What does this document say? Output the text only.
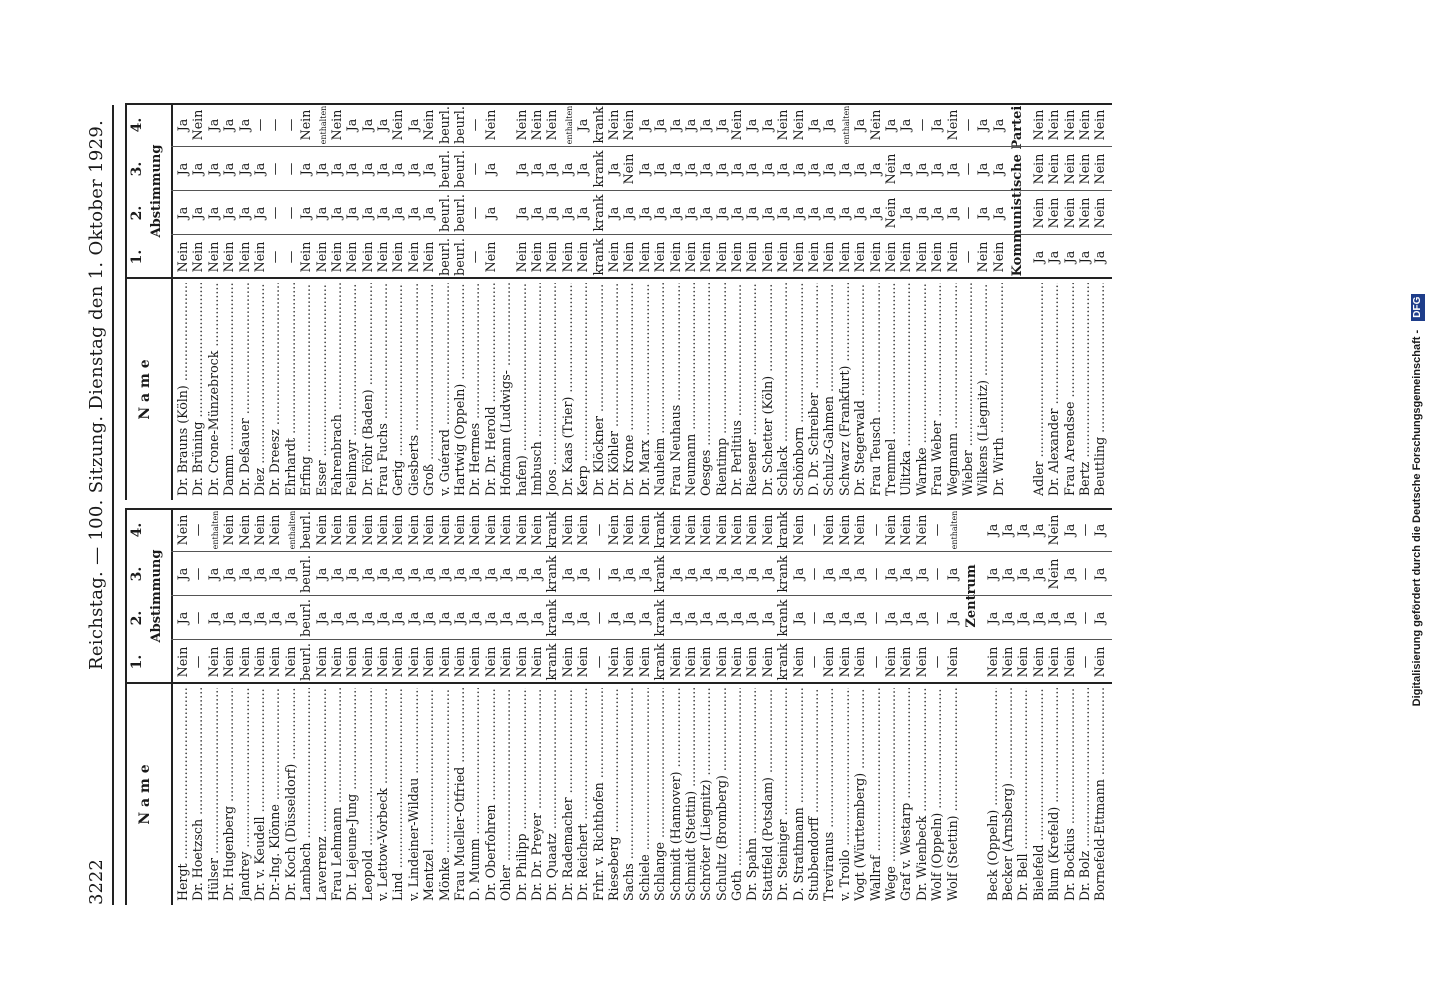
3222
Reichstag. — 100. Sitzung. Dienstag den 1. Oktober 1929.
N a m e
1.
2.
3.
4.
Abstimmung
Hergt ..... Dr. Hoetzsch ..... Hülser ..... Dr. Hugenberg ..... Jandrey ..... Dr. v. Keudell ..... Dr.-Ing. Klönne ..... Dr. Koch (Düsseldorf) ..... Lambach ..... Laverrenz ..... Frau Lehmann ..... Dr. Lejeune-Jung ..... Leopold ..... v. Lettow-Vorbeck ..... Lind ..... v. Lindeiner-Wildau ..... Mentzel ..... Mönke ..... Frau Mueller-Otfried ..... D. Mumm ..... Dr. Oberfohren ..... Ohler ..... Dr. Philipp ..... Dr. Dr. Preyer ..... Dr. Quaatz ..... Dr. Rademacher ..... Dr. Reichert ..... Frhr. v. Richthofen ..... Rieseberg ..... Sachs ..... Schiele ..... Schlange ..... Schmidt (Hannover) ..... Schmidt (Stettin) ..... Schröter (Liegnitz) ..... Schultz (Bromberg) ..... Goth ..... Dr. Spahn ..... Stattfeld (Potsdam) ..... Dr. Steiniger ..... D. Strathmann ..... Stubbendorff ..... Treviranus ..... v. Troilo ..... Vogt (Württemberg) ..... Wallraf ..... Wege ..... Graf v. Westarp ..... Dr. Wienbeck ..... Wolf (Oppeln) ..... Wolf (Stettin) ..... Beck (Oppeln) ..... Becker (Arnsberg) ..... Dr. Bell ..... Bielefeld ..... Blum (Krefeld) ..... Dr. Bockius ..... Dr. Bolz ..... Bornefeld-Ettmann .....
NeinJaJaNein
————
NeinJaJaenthalten
NeinJaJaNein
NeinJaJaNein
NeinJaJaNein
NeinJaJaNein
NeinJaJaenthalten
beurl.beurl.beurl.beurl.
NeinJaJaNein
NeinJaJaNein
NeinJaJaNein
NeinJaJaNein
NeinJaJaNein
NeinJaJaNein
NeinJaJaNein
NeinJaJaNein
NeinJaJaNein
NeinJaJaNein
NeinJaJaNein
NeinJaJaNein
NeinJaJaNein
NeinJaJaNein
NeinJaJaNein
krankkrankkrankkrank
NeinJaJaNein
NeinJaJaNein
————
NeinJaJaNein
NeinJaJaNein
NeinJaJaNein
krankkrankkrankkrank
NeinJaJaNein
NeinJaJaNein
NeinJaJaNein
NeinJaJaNein
NeinJaJaNein
NeinJaJaNein
NeinJaJaNein
krankkrankkrankkrank
NeinJaJaNein
————
NeinJaJaNein
NeinJaJaNein
NeinJaJaNein
————
NeinJaJaNein
NeinJaJaNein
NeinJaJaNein
————
NeinJaJaenthalten
Zentrum
NeinJaJaJa
NeinJaJaJa
NeinJaJaJa
NeinJaJaJa
NeinJaNeinNein
NeinJaJaJa
————
NeinJaJaJa
N a m e
1.
2.
3.
4.
Abstimmung
Dr. Brauns (Köln) ..... Dr. Brüning ..... Dr. Crone-Münzebrock ..... Damm ..... Dr. Deßauer ..... Diez ..... Dr. Dreesz ..... Ehrhardt ..... Erfing ..... Esser ..... Fahrenbrach ..... Feilmayr ..... Dr. Föhr (Baden) ..... Frau Fuchs ..... Gerig ..... Giesberts ..... Groß ..... v. Guérard ..... Hartwig (Oppeln) ..... Dr. Hermes ..... Dr. Dr. Herold ..... Hofmann (Ludwigs- ..... hafen) ..... Imbusch ..... Joos ..... Dr. Kaas (Trier) ..... Kerp ..... Dr. Klöckner ..... Dr. Köhler ..... Dr. Krone ..... Dr. Marx ..... Nauheim ..... Frau Neuhaus ..... Neumann ..... Oesges ..... Rientimp ..... Dr. Perlitius ..... Riesener ..... Dr. Schetter (Köln) ..... Schlack ..... Schönborn ..... D. Dr. Schreiber ..... Schulz-Gahmen ..... Schwarz (Frankfurt) ..... Dr. Stegerwald ..... Frau Teusch ..... Tremmel ..... Ulitzka ..... Warnke ..... Frau Weber ..... Wegmann ..... Wieber ..... Wilkens (Liegnitz) ..... Dr. Wirth ..... Adler ..... Dr. Alexander ..... Frau Arendsee ..... Bertz ..... Beuttling .....
NeinJaJaJa
NeinJaJaNein
NeinJaJaJa
NeinJaJaJa
NeinJaJaJa
NeinJaJa—
————
————
NeinJaJaNein
NeinJaJaenthalten
NeinJaJaNein
NeinJaJaJa
NeinJaJaJa
NeinJaJaJa
NeinJaJaNein
NeinJaJaJa
NeinJaJaNein
beurl.beurl.beurl.beurl.
beurl.beurl.beurl.beurl.
————
NeinJaJaNein
NeinJaJaNein
NeinJaJaNein
NeinJaJaNein
NeinJaJaenthalten
NeinJaJaJa
krankkrankkrankkrank
NeinJaJaNein
NeinJaNeinNein
NeinJaJaJa
NeinJaJaJa
NeinJaJaJa
NeinJaJaJa
NeinJaJaJa
NeinJaJaJa
NeinJaJaNein
NeinJaJaJa
NeinJaJaJa
NeinJaJaNein
NeinJaJaNein
NeinJaJaJa
NeinJaJaJa
NeinJaJaenthalten
NeinJaJaJa
NeinJaJaNein
NeinNeinNeinJa
NeinJaJaJa
NeinJaJa—
NeinJaJaJa
NeinJaJaNein
————
NeinJaJaJa
NeinJaJaJa Kommunistische Partei JaNeinNeinNein
JaNeinNeinNein
JaNeinNeinNein
JaNeinNeinNein
JaNeinNeinNein
Digitalisierung gefördert durch die Deutsche Forschungsgemeinschaft - DFG
